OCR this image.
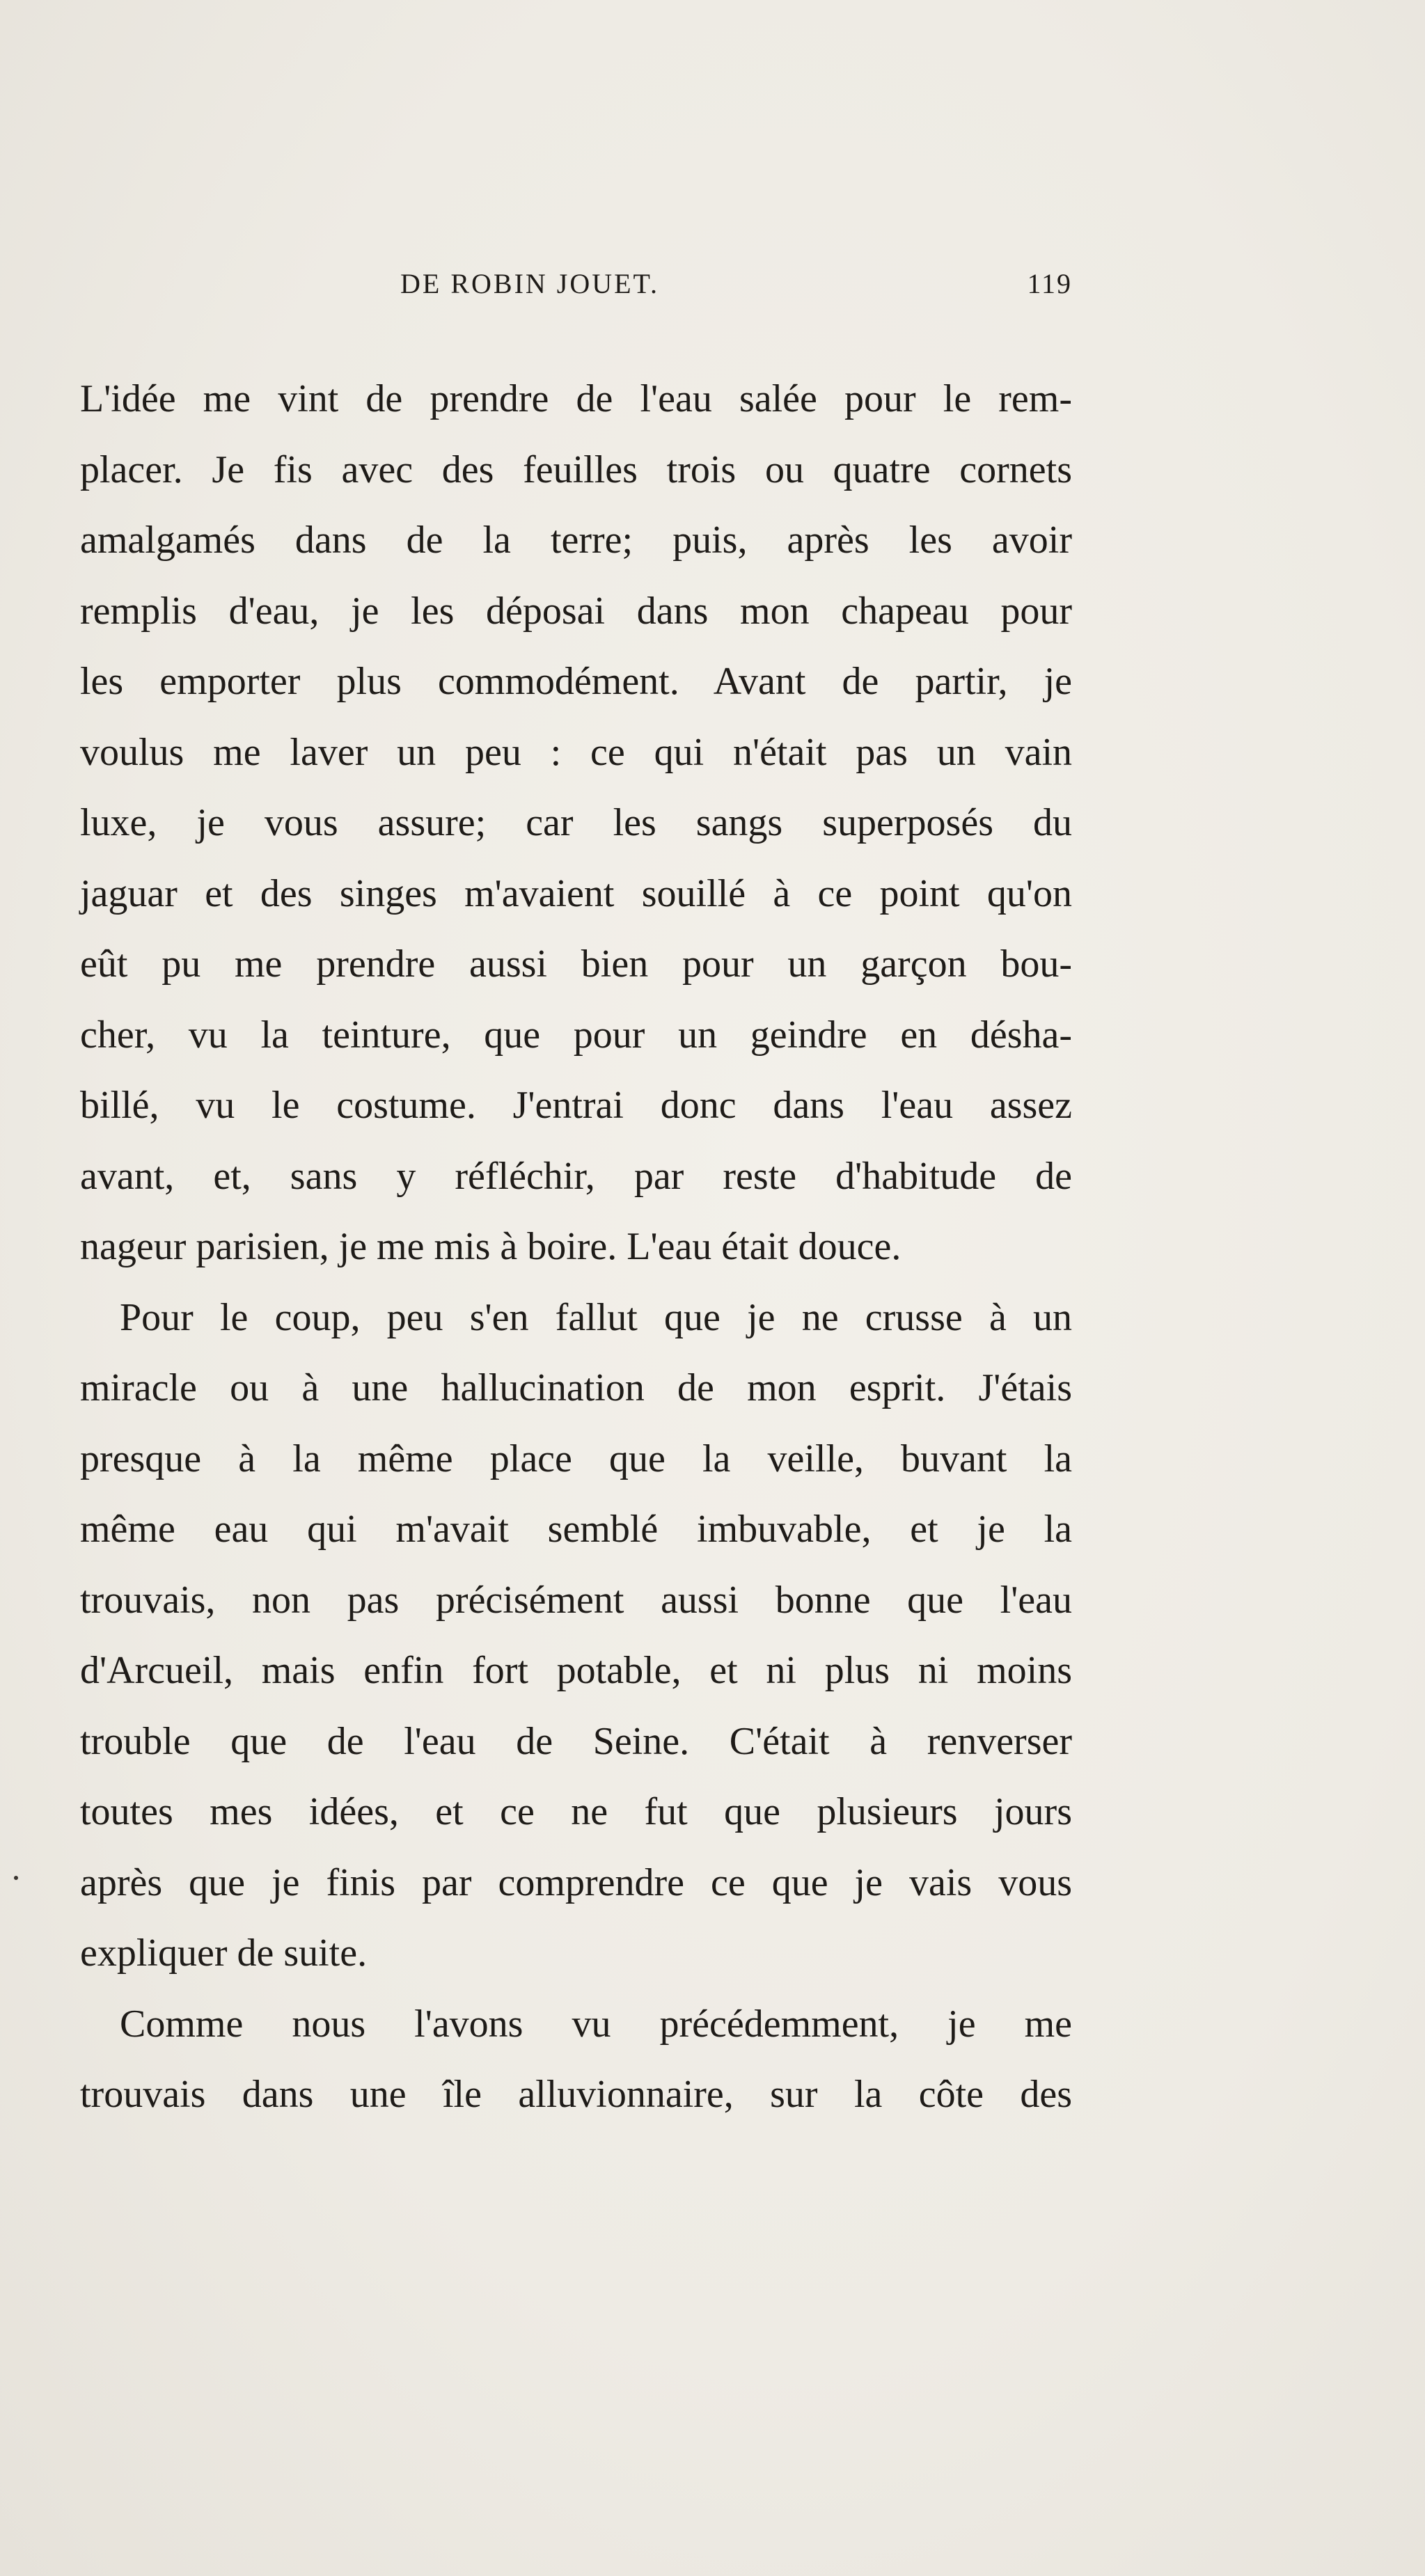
DE ROBIN JOUET.	119
L'idée me vint de prendre de l'eau salée pour le rem-
placer. Je fis avec des feuilles trois ou quatre cornets
amalgamés dans de la terre; puis, après les avoir
remplis d'eau, je les déposai dans mon chapeau pour
les emporter plus commodément. Avant de partir, je
voulus me laver un peu : ce qui n'était pas un vain
luxe, je vous assure; car les sangs superposés du
jaguar et des singes m'avaient souillé à ce point qu'on
eût pu me prendre aussi bien pour un garçon bou-
cher, vu la teinture, que pour un geindre en désha-
billé, vu le costume. J'entrai donc dans l'eau assez
avant, et, sans y réfléchir, par reste d'habitude de
nageur parisien, je me mis à boire. L'eau était douce.
Pour le coup, peu s'en fallut que je ne crusse à un
miracle ou à une hallucination de mon esprit. J'étais
presque à la même place que la veille, buvant la
même eau qui m'avait semblé imbuvable, et je la
trouvais, non pas précisément aussi bonne que l'eau
d'Arcueil, mais enfin fort potable, et ni plus ni moins
trouble que de l'eau de Seine. C'était à renverser
toutes mes idées, et ce ne fut que plusieurs jours
après que je finis par comprendre ce que je vais vous
expliquer de suite.
Comme nous l'avons vu précédemment, je me
trouvais dans une île alluvionnaire, sur la côte des
